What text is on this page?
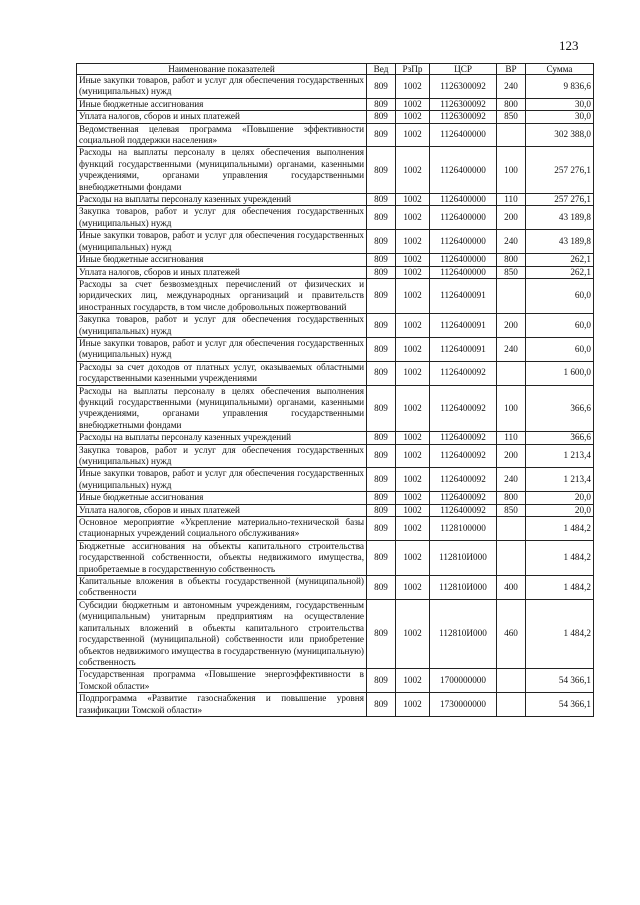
123
Наименование показателей	Вед	РзПр	ЦСР	ВР	Сумма
Иные закупки товаров, работ и услуг для обеспечения государственных (муниципальных) нужд	809	1002	1126300092	240	9 836,6
Иные бюджетные ассигнования	809	1002	1126300092	800	30,0
Уплата налогов, сборов и иных платежей	809	1002	1126300092	850	30,0
Ведомственная целевая программа «Повышение эффективности социальной поддержки населения»	809	1002	1126400000		302 388,0
Расходы на выплаты персоналу в целях обеспечения выполнения функций государственными (муниципальными) органами, казенными учреждениями, органами управления государственными внебюджетными фондами	809	1002	1126400000	100	257 276,1
Расходы на выплаты персоналу казенных учреждений	809	1002	1126400000	110	257 276,1
Закупка товаров, работ и услуг для обеспечения государственных (муниципальных) нужд	809	1002	1126400000	200	43 189,8
Иные закупки товаров, работ и услуг для обеспечения государственных (муниципальных) нужд	809	1002	1126400000	240	43 189,8
Иные бюджетные ассигнования	809	1002	1126400000	800	262,1
Уплата налогов, сборов и иных платежей	809	1002	1126400000	850	262,1
Расходы за счет безвозмездных перечислений от физических и юридических лиц, международных организаций и правительств иностранных государств, в том числе добровольных пожертвований	809	1002	1126400091		60,0
Закупка товаров, работ и услуг для обеспечения государственных (муниципальных) нужд	809	1002	1126400091	200	60,0
Иные закупки товаров, работ и услуг для обеспечения государственных (муниципальных) нужд	809	1002	1126400091	240	60,0
Расходы за счет доходов от платных услуг, оказываемых областными государственными казенными учреждениями	809	1002	1126400092		1 600,0
Расходы на выплаты персоналу в целях обеспечения выполнения функций государственными (муниципальными) органами, казенными учреждениями, органами управления государственными внебюджетными фондами	809	1002	1126400092	100	366,6
Расходы на выплаты персоналу казенных учреждений	809	1002	1126400092	110	366,6
Закупка товаров, работ и услуг для обеспечения государственных (муниципальных) нужд	809	1002	1126400092	200	1 213,4
Иные закупки товаров, работ и услуг для обеспечения государственных (муниципальных) нужд	809	1002	1126400092	240	1 213,4
Иные бюджетные ассигнования	809	1002	1126400092	800	20,0
Уплата налогов, сборов и иных платежей	809	1002	1126400092	850	20,0
Основное мероприятие «Укрепление материально-технической базы стационарных учреждений социального обслуживания»	809	1002	1128100000		1 484,2
Бюджетные ассигнования на объекты капитального строительства государственной собственности, объекты недвижимого имущества, приобретаемые в государственную собственность	809	1002	112810И000		1 484,2
Капитальные вложения в объекты государственной (муниципальной) собственности	809	1002	112810И000	400	1 484,2
Субсидии бюджетным и автономным учреждениям, государственным (муниципальным) унитарным предприятиям на осуществление капитальных вложений в объекты капитального строительства государственной (муниципальной) собственности или приобретение объектов недвижимого имущества в государственную (муниципальную) собственность	809	1002	112810И000	460	1 484,2
Государственная программа «Повышение энергоэффективности в Томской области»	809	1002	1700000000		54 366,1
Подпрограмма «Развитие газоснабжения и повышение уровня газификации Томской области»	809	1002	1730000000		54 366,1
